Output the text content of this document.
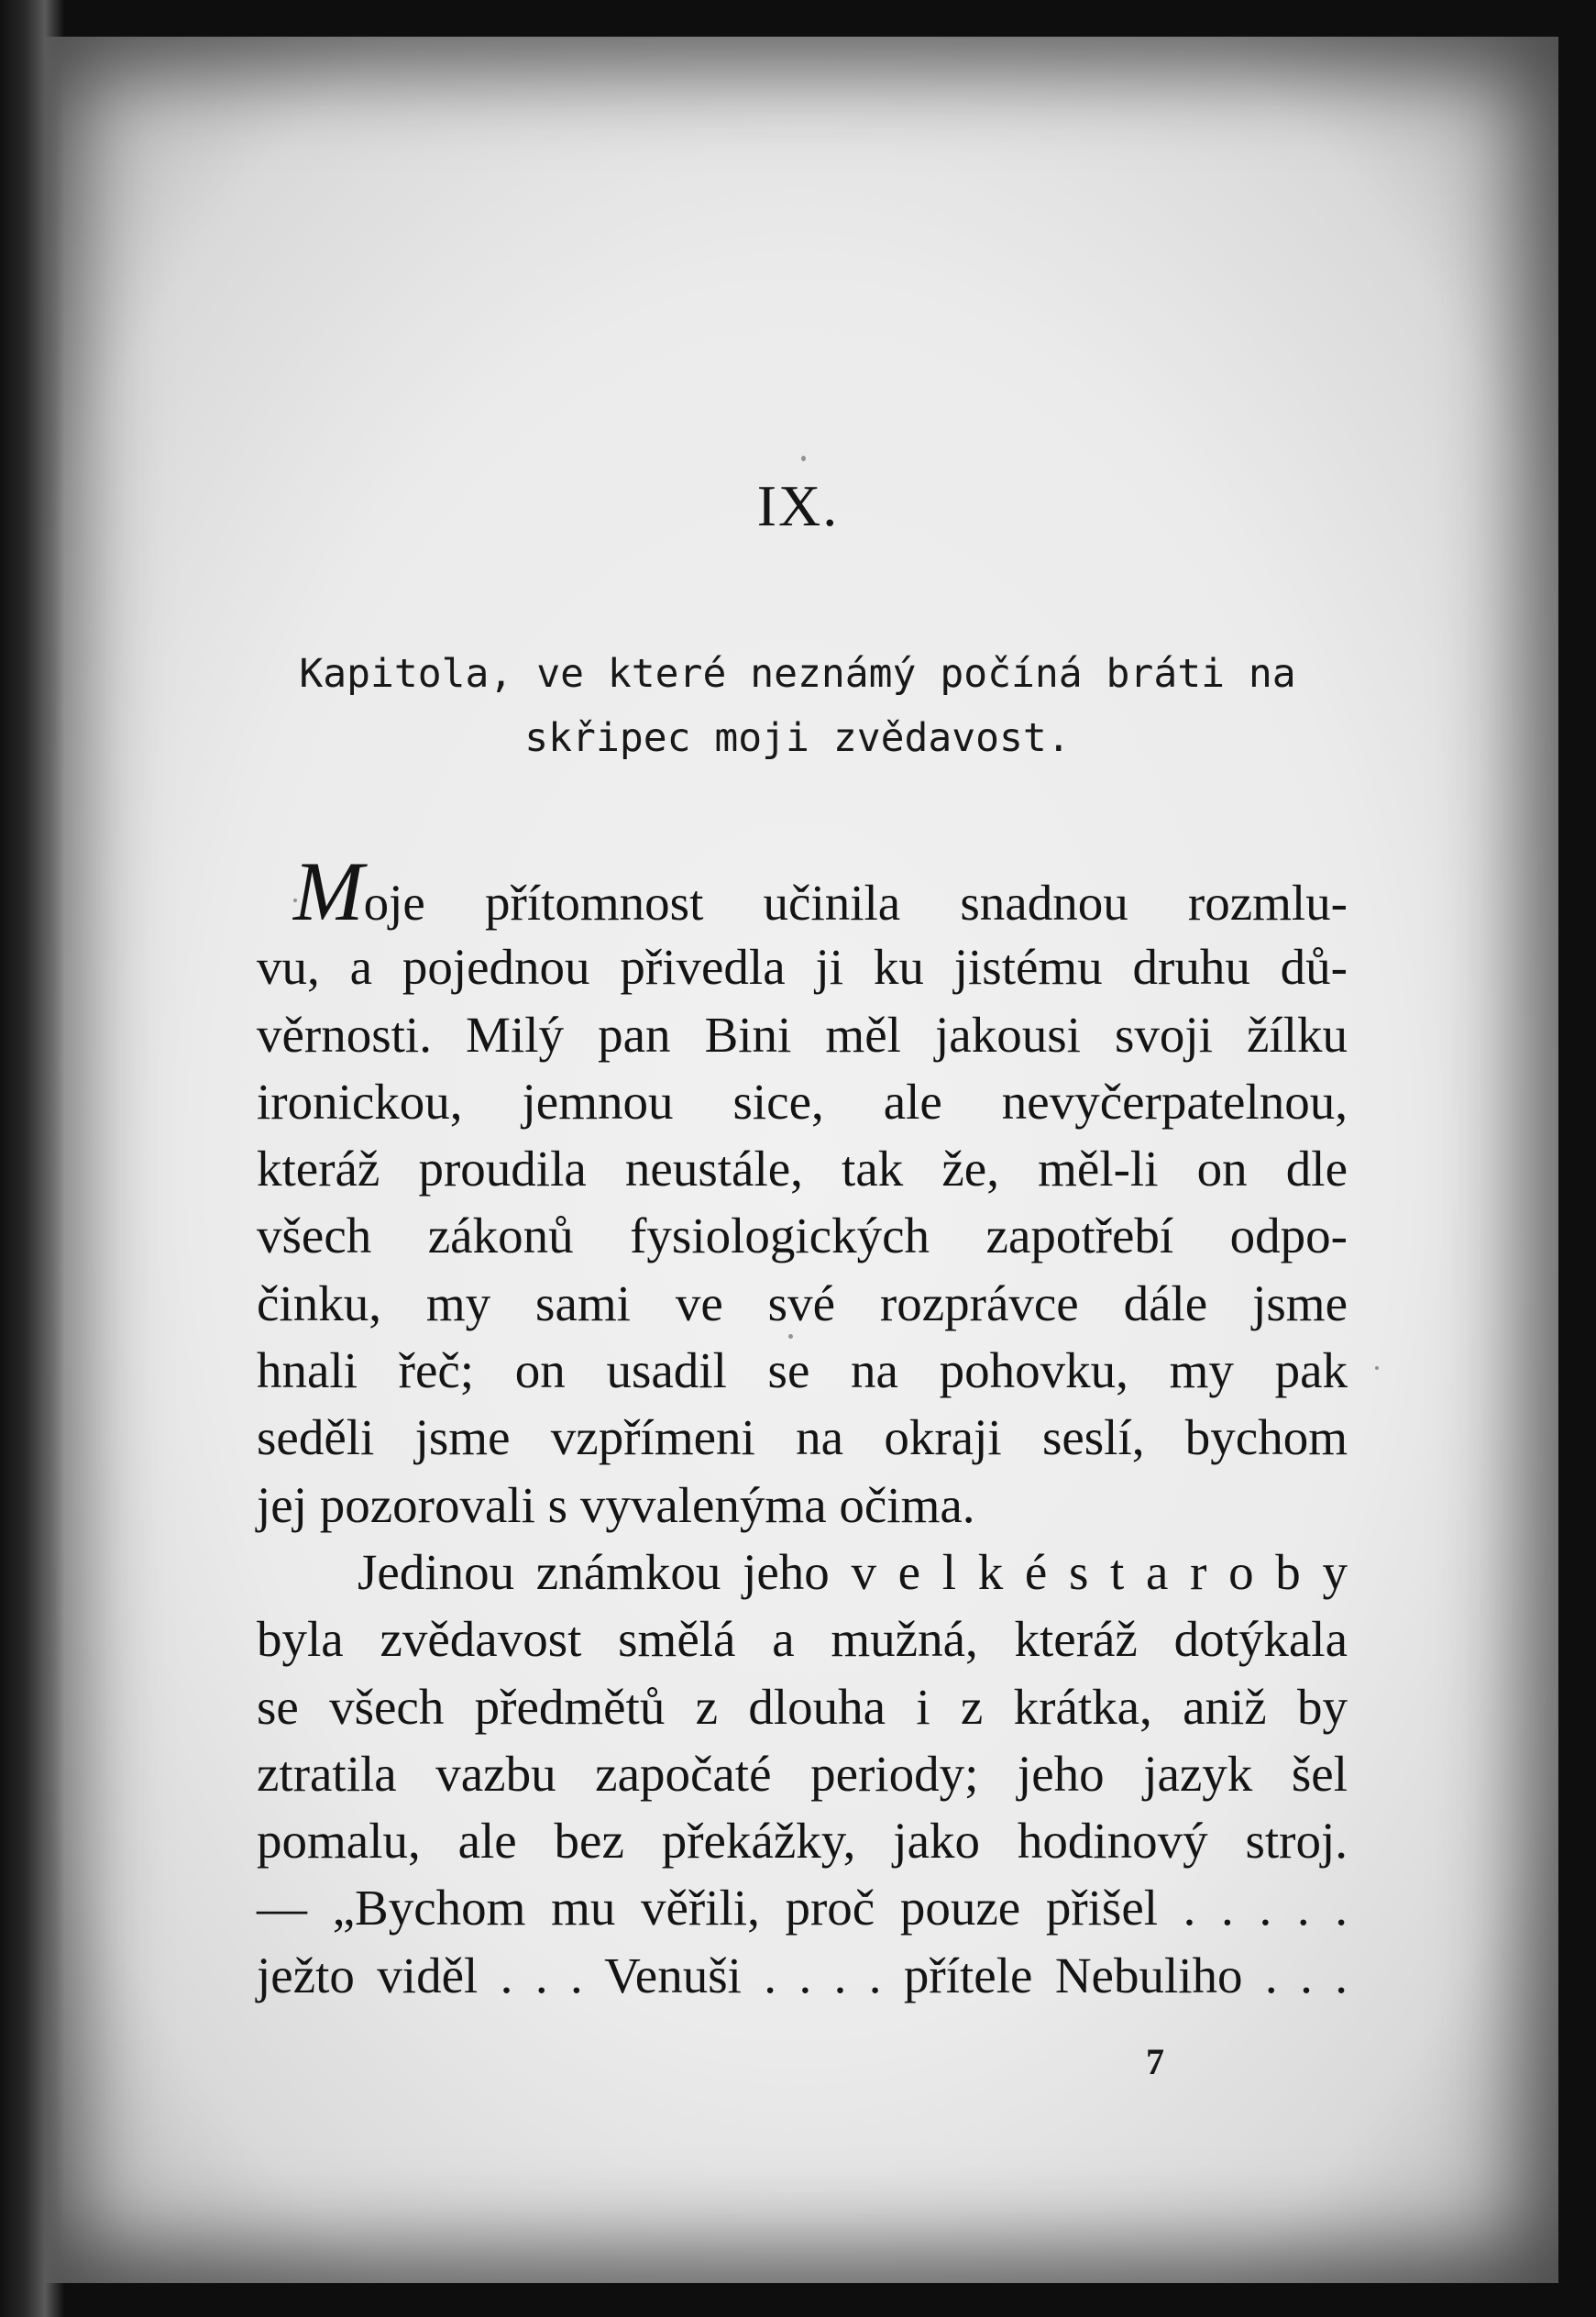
IX.
Kapitola, ve které neznámý počíná bráti na
skřipec moji zvědavost.
Moje přítomnost učinila snadnou rozmlu-
vu, a pojednou přivedla ji ku jistému druhu dů-
věrnosti. Milý pan Bini měl jakousi svoji žílku
ironickou, jemnou sice, ale nevyčerpatelnou,
kteráž proudila neustále, tak že, měl-li on dle
všech zákonů fysiologických zapotřebí odpo-
činku, my sami ve své rozprávce dále jsme
hnali řeč; on usadil se na pohovku, my pak
seděli jsme vzpřímeni na okraji seslí, bychom
jej pozorovali s vyvalenýma očima.
Jedinou známkou jeho v e l k é s t a r o b y
byla zvědavost smělá a mužná, kteráž dotýkala
se všech předmětů z dlouha i z krátka, aniž by
ztratila vazbu započaté periody; jeho jazyk šel
pomalu, ale bez překážky, jako hodinový stroj.
— „Bychom mu věřili, proč pouze přišel . . . . .
ježto viděl . . . Venuši . . . . přítele Nebuliho . . .
7
